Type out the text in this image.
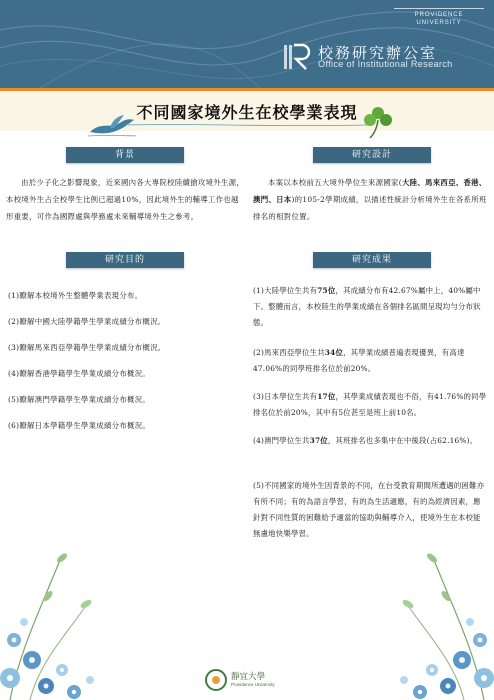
PROVIDENCE
UNIVERSITY
校務研究辦公室
Office of Institutional Research
不同國家境外生在校學業表現
背景	研究設計
研究目的	研究成果
由於少子化之影響現象，近來國內各大專院校陸續搶攻境外生源，本校境外生占全校學生比例已超過10%，因此境外生的輔導工作也越形重要，可作為國際處與學務處未來輔導境外生之參考。
本案以本校前五大境外學位生來源國家(大陸、馬來西亞、香港、澳門、日本)的105-2學期成績，以描述性統計分析境外生在各系所班排名的相對位置。
(1)瞭解本校境外生整體學業表現分布。
(2)瞭解中國大陸學籍學生學業成績分布概況。
(3)瞭解馬來西亞學籍學生學業成績分布概況。
(4)瞭解香港學籍學生學業成績分布概況。
(5)瞭解澳門學籍學生學業成績分布概況。
(6)瞭解日本學籍學生學業成績分布概況。
(1)大陸學位生共有75位，其成績分布有42.67%屬中上，40%屬中下。整體而言，本校陸生的學業成績在各個排名區間呈現均勻分布狀態。
(2)馬來西亞學位生共34位，其學業成績普遍表現優異，有高達47.06%的同學班排名位於前20%。
(3)日本學位生共有17位，其學業成績表現也不俗，有41.76%的同學排名位於前20%，其中有5位甚至是班上前10名。
(4)澳門學位生共37位，其班排名也多集中在中後段(占62.16%)。
(5)不同國家的境外生因背景的不同，在台受教育期間所遭遇的困難亦有所不同；有的為語言學習，有的為生活適應，有的為經濟因素，應針對不同性質的困難給予適當的協助與輔導介入，使境外生在本校能無慮地快樂學習。
靜宜大學
Providence University
